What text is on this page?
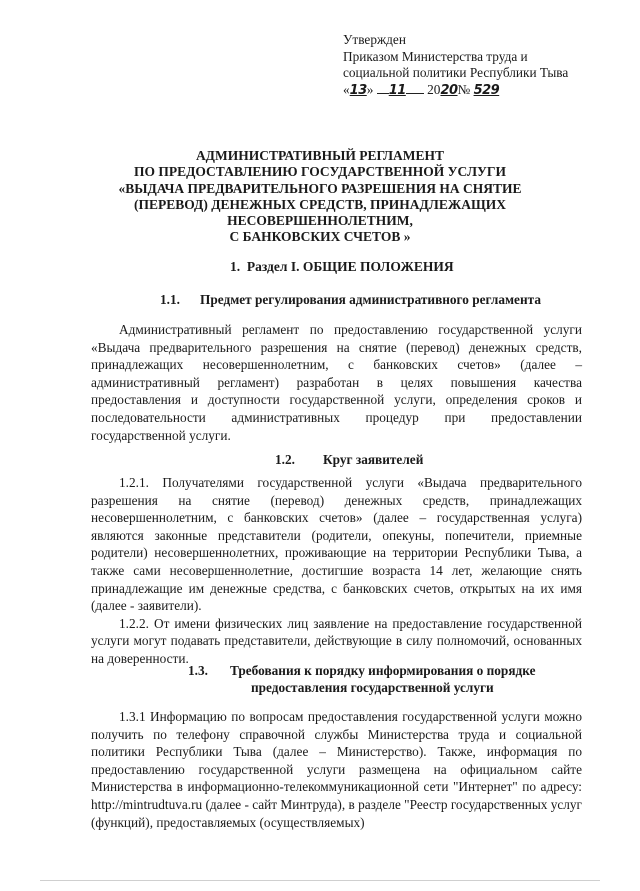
Утвержден
Приказом Министерства труда и
социальной политики Республики Тыва
«13» 11 2020№ 529
АДМИНИСТРАТИВНЫЙ РЕГЛАМЕНТ
ПО ПРЕДОСТАВЛЕНИЮ ГОСУДАРСТВЕННОЙ УСЛУГИ
«ВЫДАЧА ПРЕДВАРИТЕЛЬНОГО РАЗРЕШЕНИЯ НА СНЯТИЕ
(ПЕРЕВОД) ДЕНЕЖНЫХ СРЕДСТВ, ПРИНАДЛЕЖАЩИХ
НЕСОВЕРШЕННОЛЕТНИМ,
С БАНКОВСКИХ СЧЕТОВ »
1. Раздел I. ОБЩИЕ ПОЛОЖЕНИЯ
1.1. Предмет регулирования административного регламента

Административный регламент по предоставлению государственной услуги «Выдача предварительного разрешения на снятие (перевод) денежных средств, принадлежащих несовершеннолетним, с банковских счетов» (далее – административный регламент) разработан в целях повышения качества предоставления и доступности государственной услуги, определения сроков и последовательности административных процедур при предоставлении государственной услуги.

1.2. Круг заявителей

1.2.1. Получателями государственной услуги «Выдача предварительного разрешения на снятие (перевод) денежных средств, принадлежащих несовершеннолетним, с банковских счетов» (далее – государственная услуга) являются законные представители (родители, опекуны, попечители, приемные родители) несовершеннолетних, проживающие на территории Республики Тыва, а также сами несовершеннолетние, достигшие возраста 14 лет, желающие снять принадлежащие им денежные средства, с банковских счетов, открытых на их имя (далее - заявители).

1.2.2. От имени физических лиц заявление на предоставление государственной услуги могут подавать представители, действующие в силу полномочий, основанных на доверенности.

1.3. Требования к порядку информирования о порядке
предоставления государственной услуги

1.3.1 Информацию по вопросам предоставления государственной услуги можно получить по телефону справочной службы Министерства труда и социальной политики Республики Тыва (далее – Министерство). Также, информация по предоставлению государственной услуги размещена на официальном сайте Министерства в информационно-телекоммуникационной сети "Интернет" по адресу: http://mintrudtuva.ru (далее - сайт Минтруда), в разделе "Реестр государственных услуг (функций), предоставляемых (осуществляемых)
